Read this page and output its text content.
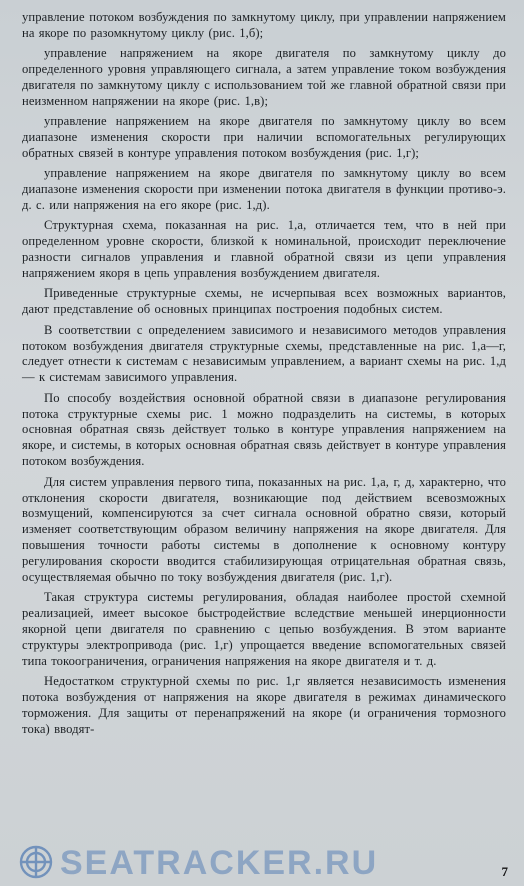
управление потоком возбуждения по замкнутому циклу, при управлении напряжением на якоре по разомкнутому циклу (рис. 1,б);

управление напряжением на якоре двигателя по замкнутому циклу до определенного уровня управляющего сигнала, а затем управление током возбуждения двигателя по замкнутому циклу с использованием той же главной обратной связи при неизменном напряжении на якоре (рис. 1,в);

управление напряжением на якоре двигателя по замкнутому циклу во всем диапазоне изменения скорости при наличии вспомогательных регулирующих обратных связей в контуре управления потоком возбуждения (рис. 1,г);

управление напряжением на якоре двигателя по замкнутому циклу во всем диапазоне изменения скорости при изменении потока двигателя в функции противо-э. д. с. или напряжения на его якоре (рис. 1,д).

Структурная схема, показанная на рис. 1,а, отличается тем, что в ней при определенном уровне скорости, близкой к номинальной, происходит переключение разности сигналов управления и главной обратной связи из цепи управления напряжением якоря в цепь управления возбуждением двигателя.

Приведенные структурные схемы, не исчерпывая всех возможных вариантов, дают представление об основных принципах построения подобных систем.

В соответствии с определением зависимого и независимого методов управления потоком возбуждения двигателя структурные схемы, представленные на рис. 1,а—г, следует отнести к системам с независимым управлением, а вариант схемы на рис. 1,д — к системам зависимого управления.

По способу воздействия основной обратной связи в диапазоне регулирования потока структурные схемы рис. 1 можно подразделить на системы, в которых основная обратная связь действует только в контуре управления напряжением на якоре, и системы, в которых основная обратная связь действует в контуре управления потоком возбуждения.

Для систем управления первого типа, показанных на рис. 1,а, г, д, характерно, что отклонения скорости двигателя, возникающие под действием всевозможных возмущений, компенсируются за счет сигнала основной обратно связи, который изменяет соответствующим образом величину напряжения на якоре двигателя. Для повышения точности работы системы в дополнение к основному контуру регулирования скорости вводится стабилизирующая отрицательная обратная связь, осуществляемая обычно по току возбуждения двигателя (рис. 1,г).

Такая структура системы регулирования, обладая наиболее простой схемной реализацией, имеет высокое быстродействие вследствие меньшей инерционности якорной цепи двигателя по сравнению с цепью возбуждения. В этом варианте структуры электропривода (рис. 1,г) упрощается введение вспомогательных связей типа токоограничения, ограничения напряжения на якоре двигателя и т. д.

Недостатком структурной схемы по рис. 1,г является независимость изменения потока возбуждения от напряжения на якоре двигателя в режимах динамического торможения. Для защиты от перенапряжений на якоре (и ограничения тормозного тока) вводят-

SEATRACKER.RU	7
